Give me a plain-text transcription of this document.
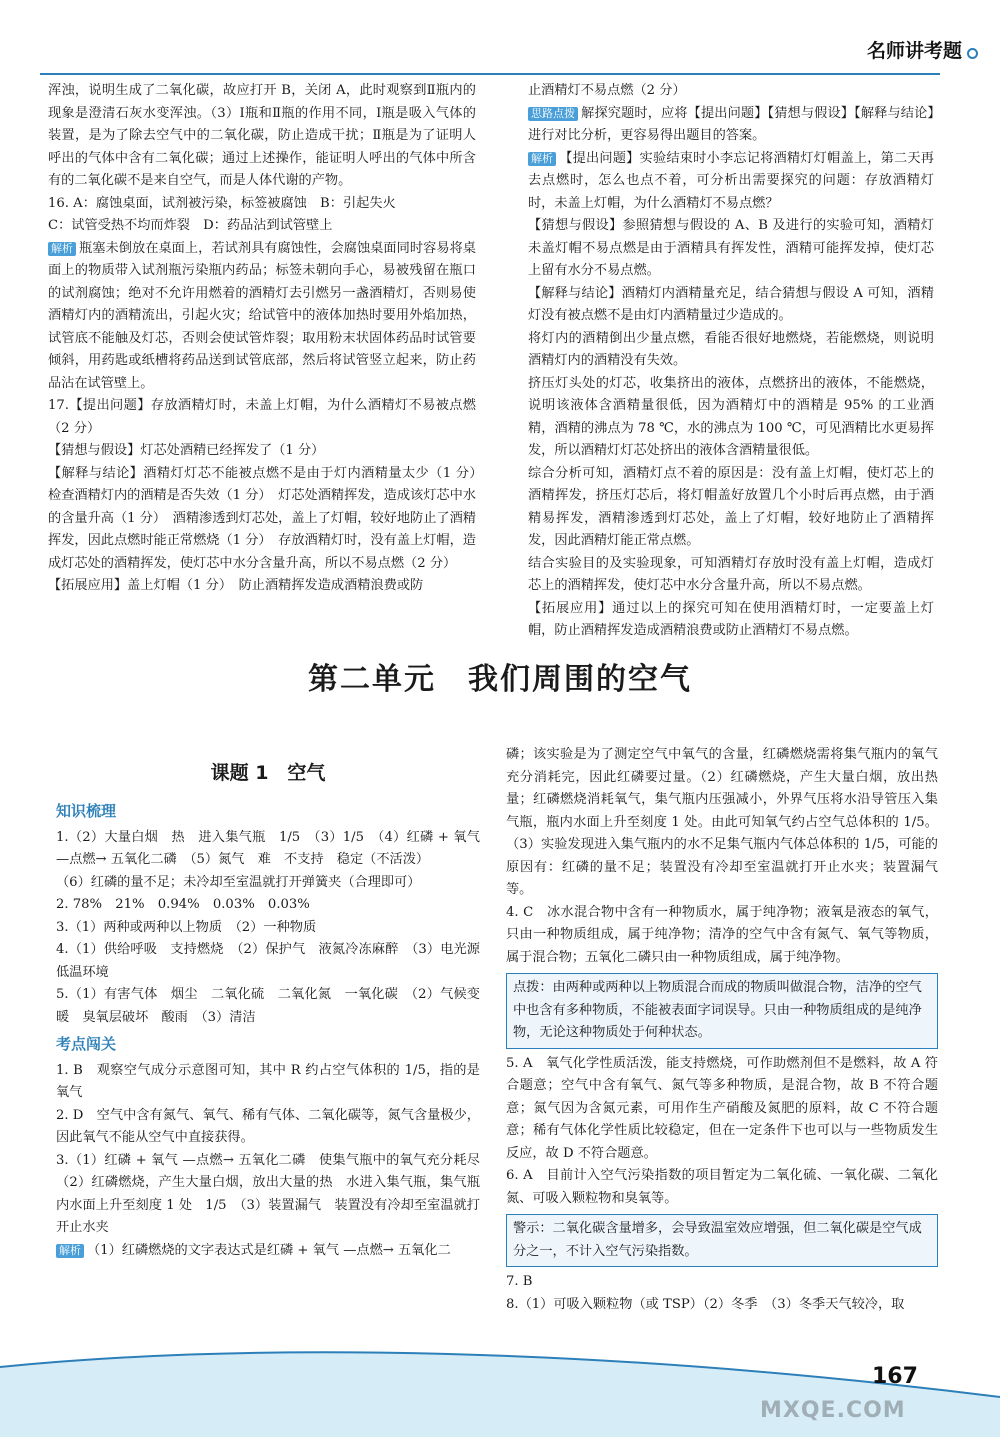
名师讲考题

浑浊，说明生成了二氧化碳，故应打开 B，关闭 A，此时观察到Ⅱ瓶内的现象是澄清石灰水变浑浊。（3）Ⅰ瓶和Ⅱ瓶的作用不同，Ⅰ瓶是吸入气体的装置，是为了除去空气中的二氧化碳，防止造成干扰；Ⅱ瓶是为了证明人呼出的气体中含有二氧化碳；通过上述操作，能证明人呼出的气体中所含有的二氧化碳不是来自空气，而是人体代谢的产物。

16. A：腐蚀桌面，试剂被污染，标签被腐蚀　B：引起失火

C：试管受热不均而炸裂　D：药品沾到试管壁上

解析 瓶塞未倒放在桌面上，若试剂具有腐蚀性，会腐蚀桌面同时容易将桌面上的物质带入试剂瓶污染瓶内药品；标签未朝向手心，易被残留在瓶口的试剂腐蚀；绝对不允许用燃着的酒精灯去引燃另一盏酒精灯，否则易使酒精灯内的酒精流出，引起火灾；给试管中的液体加热时要用外焰加热，试管底不能触及灯芯，否则会使试管炸裂；取用粉末状固体药品时试管要倾斜，用药匙或纸槽将药品送到试管底部，然后将试管竖立起来，防止药品沾在试管壁上。

17.【提出问题】存放酒精灯时，未盖上灯帽，为什么酒精灯不易被点燃（2 分）

【猜想与假设】灯芯处酒精已经挥发了（1 分）

【解释与结论】酒精灯灯芯不能被点燃不是由于灯内酒精量太少（1 分）　检查酒精灯内的酒精是否失效（1 分）　灯芯处酒精挥发，造成该灯芯中水的含量升高（1 分）　酒精渗透到灯芯处，盖上了灯帽，较好地防止了酒精挥发，因此点燃时能正常燃烧（1 分）　存放酒精灯时，没有盖上灯帽，造成灯芯处的酒精挥发，使灯芯中水分含量升高，所以不易点燃（2 分）

【拓展应用】盖上灯帽（1 分）　防止酒精挥发造成酒精浪费或防

止酒精灯不易点燃（2 分）

思路点拨 解探究题时，应将【提出问题】【猜想与假设】【解释与结论】进行对比分析，更容易得出题目的答案。

解析 【提出问题】实验结束时小李忘记将酒精灯灯帽盖上，第二天再去点燃时，怎么也点不着，可分析出需要探究的问题：存放酒精灯时，未盖上灯帽，为什么酒精灯不易点燃？

【猜想与假设】参照猜想与假设的 A、B 及进行的实验可知，酒精灯未盖灯帽不易点燃是由于酒精具有挥发性，酒精可能挥发掉，使灯芯上留有水分不易点燃。

【解释与结论】酒精灯内酒精量充足，结合猜想与假设 A 可知，酒精灯没有被点燃不是由灯内酒精量过少造成的。

将灯内的酒精倒出少量点燃，看能否很好地燃烧，若能燃烧，则说明酒精灯内的酒精没有失效。

挤压灯头处的灯芯，收集挤出的液体，点燃挤出的液体，不能燃烧，说明该液体含酒精量很低，因为酒精灯中的酒精是 95% 的工业酒精，酒精的沸点为 78 ℃，水的沸点为 100 ℃，可见酒精比水更易挥发，所以酒精灯灯芯处挤出的液体含酒精量很低。

综合分析可知，酒精灯点不着的原因是：没有盖上灯帽，使灯芯上的酒精挥发，挤压灯芯后，将灯帽盖好放置几个小时后再点燃，由于酒精易挥发，酒精渗透到灯芯处，盖上了灯帽，较好地防止了酒精挥发，因此酒精灯能正常点燃。

结合实验目的及实验现象，可知酒精灯存放时没有盖上灯帽，造成灯芯上的酒精挥发，使灯芯中水分含量升高，所以不易点燃。

【拓展应用】通过以上的探究可知在使用酒精灯时，一定要盖上灯帽，防止酒精挥发造成酒精浪费或防止酒精灯不易点燃。

第二单元　我们周围的空气
课题 1　空气
知识梳理

1.（2）大量白烟　热　进入集气瓶　1/5　（3）1/5　（4）红磷 + 氧气 —点燃→ 五氧化二磷　（5）氮气　难　不支持　稳定（不活泼）

（6）红磷的量不足；未冷却至室温就打开弹簧夹（合理即可）

2. 78%　21%　0.94%　0.03%　0.03%

3.（1）两种或两种以上物质　（2）一种物质

4.（1）供给呼吸　支持燃烧　（2）保护气　液氮冷冻麻醉　（3）电光源　低温环境

5.（1）有害气体　烟尘　二氧化硫　二氧化氮　一氧化碳　（2）气候变暖　臭氧层破坏　酸雨　（3）清洁

考点闯关

1. B　观察空气成分示意图可知，其中 R 约占空气体积的 1/5，指的是氧气

2. D　空气中含有氮气、氧气、稀有气体、二氧化碳等，氮气含量极少，因此氧气不能从空气中直接获得。

3.（1）红磷 + 氧气 —点燃→ 五氧化二磷　使集气瓶中的氧气充分耗尽　（2）红磷燃烧，产生大量白烟，放出大量的热　水进入集气瓶，集气瓶内水面上升至刻度 1 处　1/5　（3）装置漏气　装置没有冷却至室温就打开止水夹

解析 （1）红磷燃烧的文字表达式是红磷 + 氧气 —点燃→ 五氧化二

磷；该实验是为了测定空气中氧气的含量，红磷燃烧需将集气瓶内的氧气充分消耗完，因此红磷要过量。（2）红磷燃烧，产生大量白烟，放出热量；红磷燃烧消耗氧气，集气瓶内压强减小，外界气压将水沿导管压入集气瓶，瓶内水面上升至刻度 1 处。由此可知氧气约占空气总体积的 1/5。（3）实验发现进入集气瓶内的水不足集气瓶内气体总体积的 1/5，可能的原因有：红磷的量不足；装置没有冷却至室温就打开止水夹；装置漏气等。

4. C　冰水混合物中含有一种物质水，属于纯净物；液氧是液态的氧气，只由一种物质组成，属于纯净物；清净的空气中含有氮气、氧气等物质，属于混合物；五氧化二磷只由一种物质组成，属于纯净物。

点拨：由两种或两种以上物质混合而成的物质叫做混合物，洁净的空气中也含有多种物质，不能被表面字词误导。只由一种物质组成的是纯净物，无论这种物质处于何种状态。

5. A　氧气化学性质活泼，能支持燃烧，可作助燃剂但不是燃料，故 A 符合题意；空气中含有氧气、氮气等多种物质，是混合物，故 B 不符合题意；氮气因为含氮元素，可用作生产硝酸及氮肥的原料，故 C 不符合题意；稀有气体化学性质比较稳定，但在一定条件下也可以与一些物质发生反应，故 D 不符合题意。

6. A　目前计入空气污染指数的项目暂定为二氧化硫、一氧化碳、二氧化氮、可吸入颗粒物和臭氧等。

警示：二氧化碳含量增多，会导致温室效应增强，但二氧化碳是空气成分之一，不计入空气污染指数。

7. B

8.（1）可吸入颗粒物（或 TSP）（2）冬季　（3）冬季天气较冷，取

167
MXQE.COM
